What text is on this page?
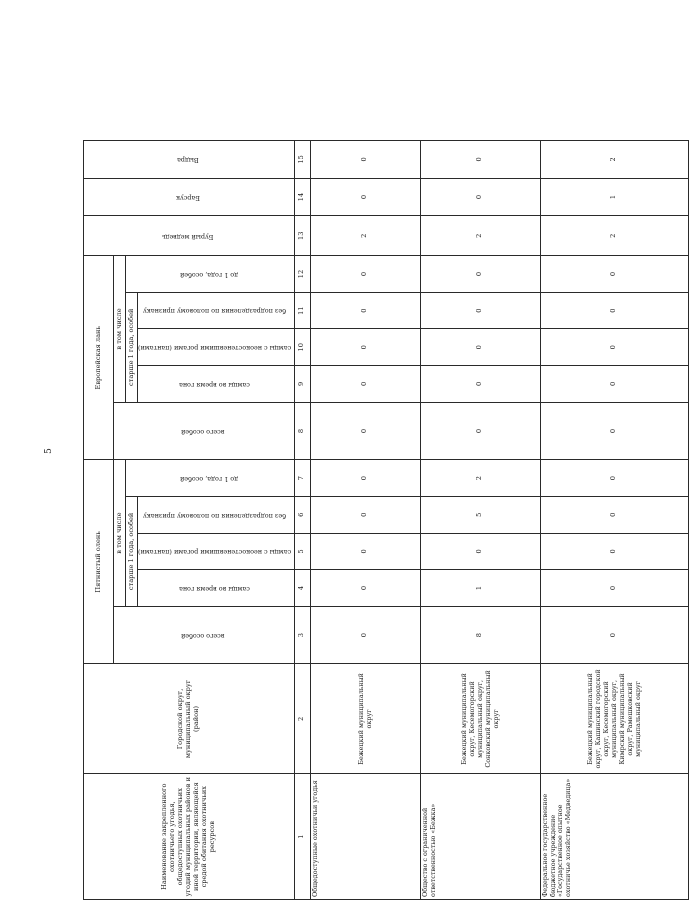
5
Наименование закрепленного охотничьего угодья, общедоступных охотничьих угодий муниципальных районов и иной территории, являющейся средой обитания охотничьих ресурсов	Городской округ, муниципальный округ (район)	Пятнистый олень					Европейская лань					Бурый медведь	Барсук	Выдра
		всего особей	в том числе				всего особей	в том числе						
			старше 1 года, особей			до 1 года, особей		старше 1 года, особей			до 1 года, особей			
			самцы во время гона	самцы с неокостеневшими рогами (пантами)	без подразделения по половому признаку			самцы во время гона	самцы с неокостеневшими рогами (пантами)	без подразделения по половому признаку				
1	2	3	4	5	6	7	8	9	10	11	12	13	14	15
Общедоступные охотничьи угодья	Бежецкий муниципальный округ	0	0	0	0	0	0	0	0	0	0	2	0	0
Общество с ограниченной ответственностью «Бежка»	Бежецкий муниципальный округ, Кесемогорский муниципальный округ, Сонковский муниципальный округ	8	1	0	5	2	0	0	0	0	0	2	0	0
Федеральное государственное бюджетное учреждение «Государственное опытное охотничье хозяйство «Медведица»	Бежецкий муниципальный округ, Кашинский городской округ, Кесемогорский муниципальный округ, Кимрский муниципальный округ, Рамешковский муниципальный округ	0	0	0	0	0	0	0	0	0	0	2	1	2
